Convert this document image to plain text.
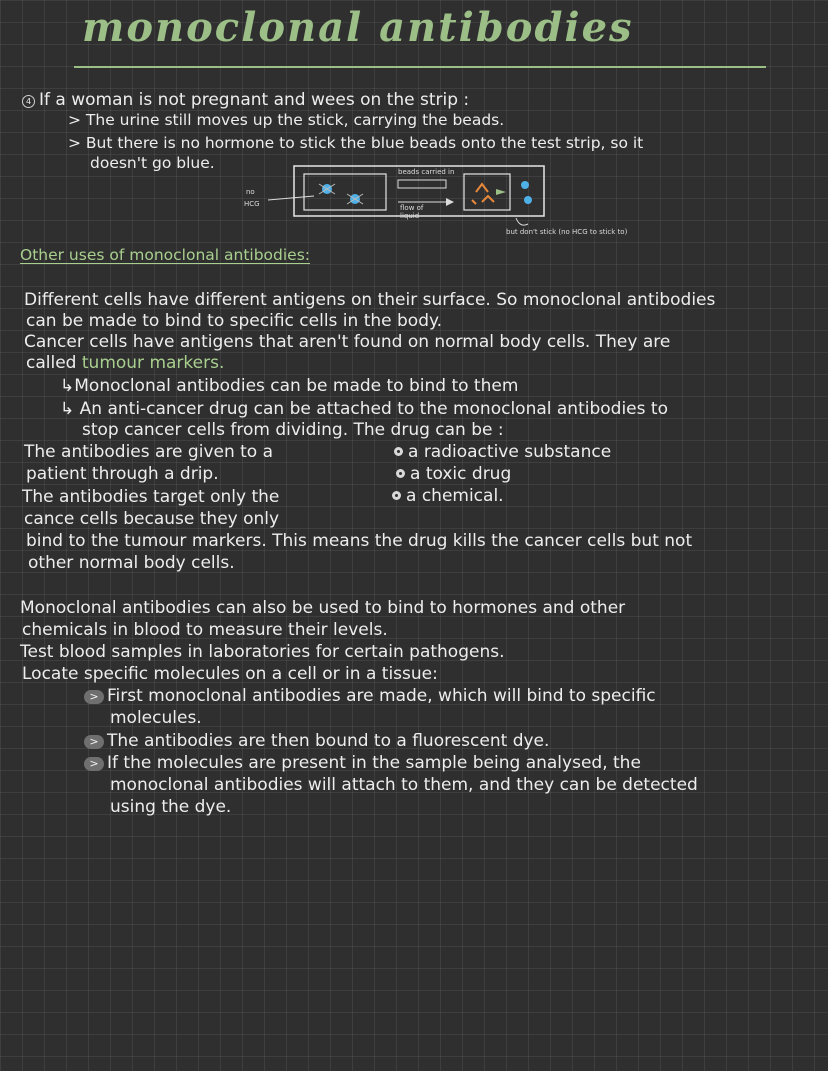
monoclonal antibodies
4 If a woman is not pregnant and wees on the strip :
> The urine still moves up the stick, carrying the beads.
> But there is no hormone to stick the blue beads onto the test strip, so it
doesn't go blue.
no
HCG
beads carried in
flow of
liquid
but don't stick (no HCG to stick to)
Other uses of monoclonal antibodies:
Different cells have different antigens on their surface. So monoclonal antibodies
can be made to bind to specific cells in the body.
Cancer cells have antigens that aren't found on normal body cells. They are
called tumour markers.
↳Monoclonal antibodies can be made to bind to them
↳ An anti-cancer drug can be attached to the monoclonal antibodies to
stop cancer cells from dividing. The drug can be :
The antibodies are given to a
patient through a drip.
The antibodies target only the
cance cells because they only
bind to the tumour markers. This means the drug kills the cancer cells but not
other normal body cells.
a radioactive substance
a toxic drug
a chemical.
Monoclonal antibodies can also be used to bind to hormones and other
chemicals in blood to measure their levels.
Test blood samples in laboratories for certain pathogens.
Locate specific molecules on a cell or in a tissue:
> First monoclonal antibodies are made, which will bind to specific
molecules.
> The antibodies are then bound to a fluorescent dye.
> If the molecules are present in the sample being analysed, the
monoclonal antibodies will attach to them, and they can be detected
using the dye.
